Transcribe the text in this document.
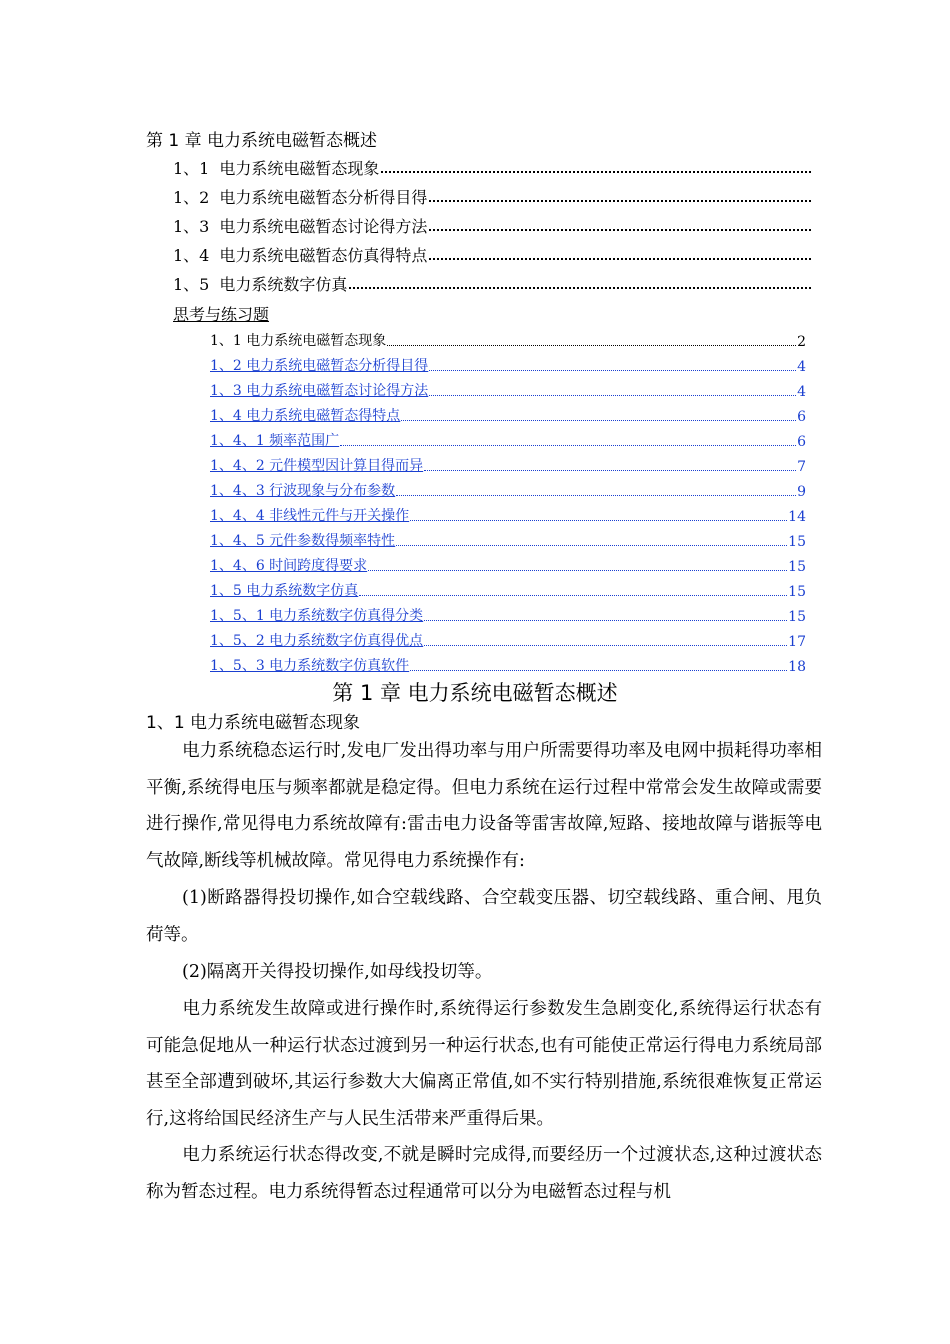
第 1 章 电力系统电磁暂态概述
1、1 电力系统电磁暂态现象
1、2 电力系统电磁暂态分析得目得
1、3 电力系统电磁暂态讨论得方法
1、4 电力系统电磁暂态仿真得特点
1、5 电力系统数字仿真
思考与练习题
1、1 电力系统电磁暂态现象	2
1、2 电力系统电磁暂态分析得目得	4
1、3 电力系统电磁暂态讨论得方法	4
1、4 电力系统电磁暂态得特点	6
1、4、1 频率范围广	6
1、4、2 元件模型因计算目得而异	7
1、4、3 行波现象与分布参数	9
1、4、4 非线性元件与开关操作	14
1、4、5 元件参数得频率特性	15
1、4、6 时间跨度得要求	15
1、5 电力系统数字仿真	15
1、5、1 电力系统数字仿真得分类	15
1、5、2 电力系统数字仿真得优点	17
1、5、3 电力系统数字仿真软件	18
第 1 章 电力系统电磁暂态概述
1、1 电力系统电磁暂态现象
电力系统稳态运行时,发电厂发出得功率与用户所需要得功率及电网中损耗得功率相平衡,系统得电压与频率都就是稳定得。但电力系统在运行过程中常常会发生故障或需要进行操作,常见得电力系统故障有:雷击电力设备等雷害故障,短路、接地故障与谐振等电气故障,断线等机械故障。常见得电力系统操作有:
(1)断路器得投切操作,如合空载线路、合空载变压器、切空载线路、重合闸、甩负荷等。
(2)隔离开关得投切操作,如母线投切等。
电力系统发生故障或进行操作时,系统得运行参数发生急剧变化,系统得运行状态有可能急促地从一种运行状态过渡到另一种运行状态,也有可能使正常运行得电力系统局部甚至全部遭到破坏,其运行参数大大偏离正常值,如不实行特别措施,系统很难恢复正常运行,这将给国民经济生产与人民生活带来严重得后果。
电力系统运行状态得改变,不就是瞬时完成得,而要经历一个过渡状态,这种过渡状态称为暂态过程。电力系统得暂态过程通常可以分为电磁暂态过程与机
